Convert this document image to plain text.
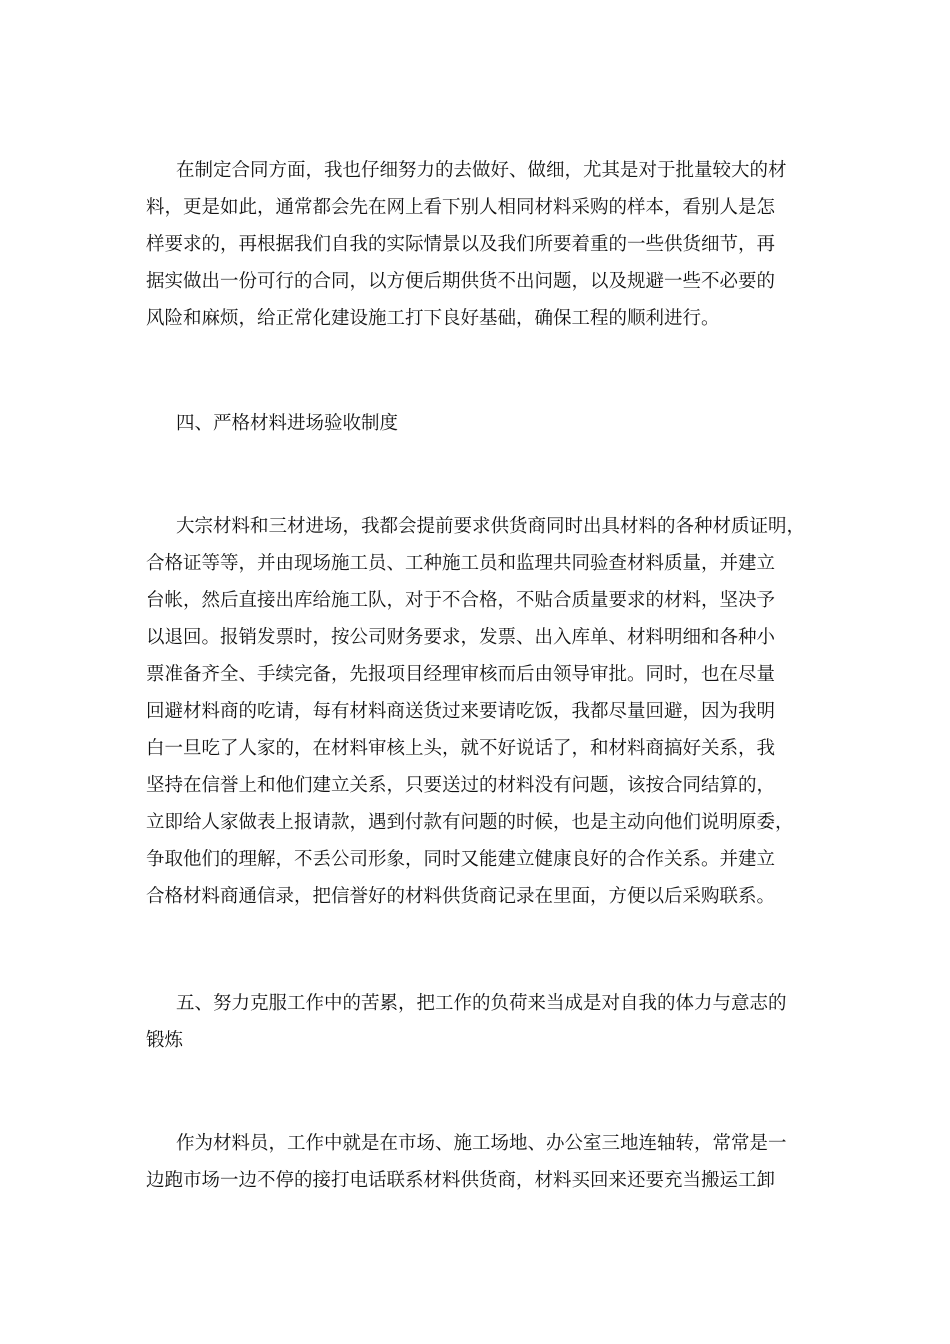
在制定合同方面，我也仔细努力的去做好、做细，尤其是对于批量较大的材
料，更是如此，通常都会先在网上看下别人相同材料采购的样本，看别人是怎
样要求的，再根据我们自我的实际情景以及我们所要着重的一些供货细节，再
据实做出一份可行的合同，以方便后期供货不出问题，以及规避一些不必要的
风险和麻烦，给正常化建设施工打下良好基础，确保工程的顺利进行。
四、严格材料进场验收制度
大宗材料和三材进场，我都会提前要求供货商同时出具材料的各种材质证明，
合格证等等，并由现场施工员、工种施工员和监理共同验查材料质量，并建立
台帐，然后直接出库给施工队，对于不合格，不贴合质量要求的材料，坚决予
以退回。报销发票时，按公司财务要求，发票、出入库单、材料明细和各种小
票准备齐全、手续完备，先报项目经理审核而后由领导审批。同时，也在尽量
回避材料商的吃请，每有材料商送货过来要请吃饭，我都尽量回避，因为我明
白一旦吃了人家的，在材料审核上头，就不好说话了，和材料商搞好关系，我
坚持在信誉上和他们建立关系，只要送过的材料没有问题，该按合同结算的，
立即给人家做表上报请款，遇到付款有问题的时候，也是主动向他们说明原委，
争取他们的理解，不丢公司形象，同时又能建立健康良好的合作关系。并建立
合格材料商通信录，把信誉好的材料供货商记录在里面，方便以后采购联系。
五、努力克服工作中的苦累，把工作的负荷来当成是对自我的体力与意志的
锻炼
作为材料员，工作中就是在市场、施工场地、办公室三地连轴转，常常是一
边跑市场一边不停的接打电话联系材料供货商，材料买回来还要充当搬运工卸
